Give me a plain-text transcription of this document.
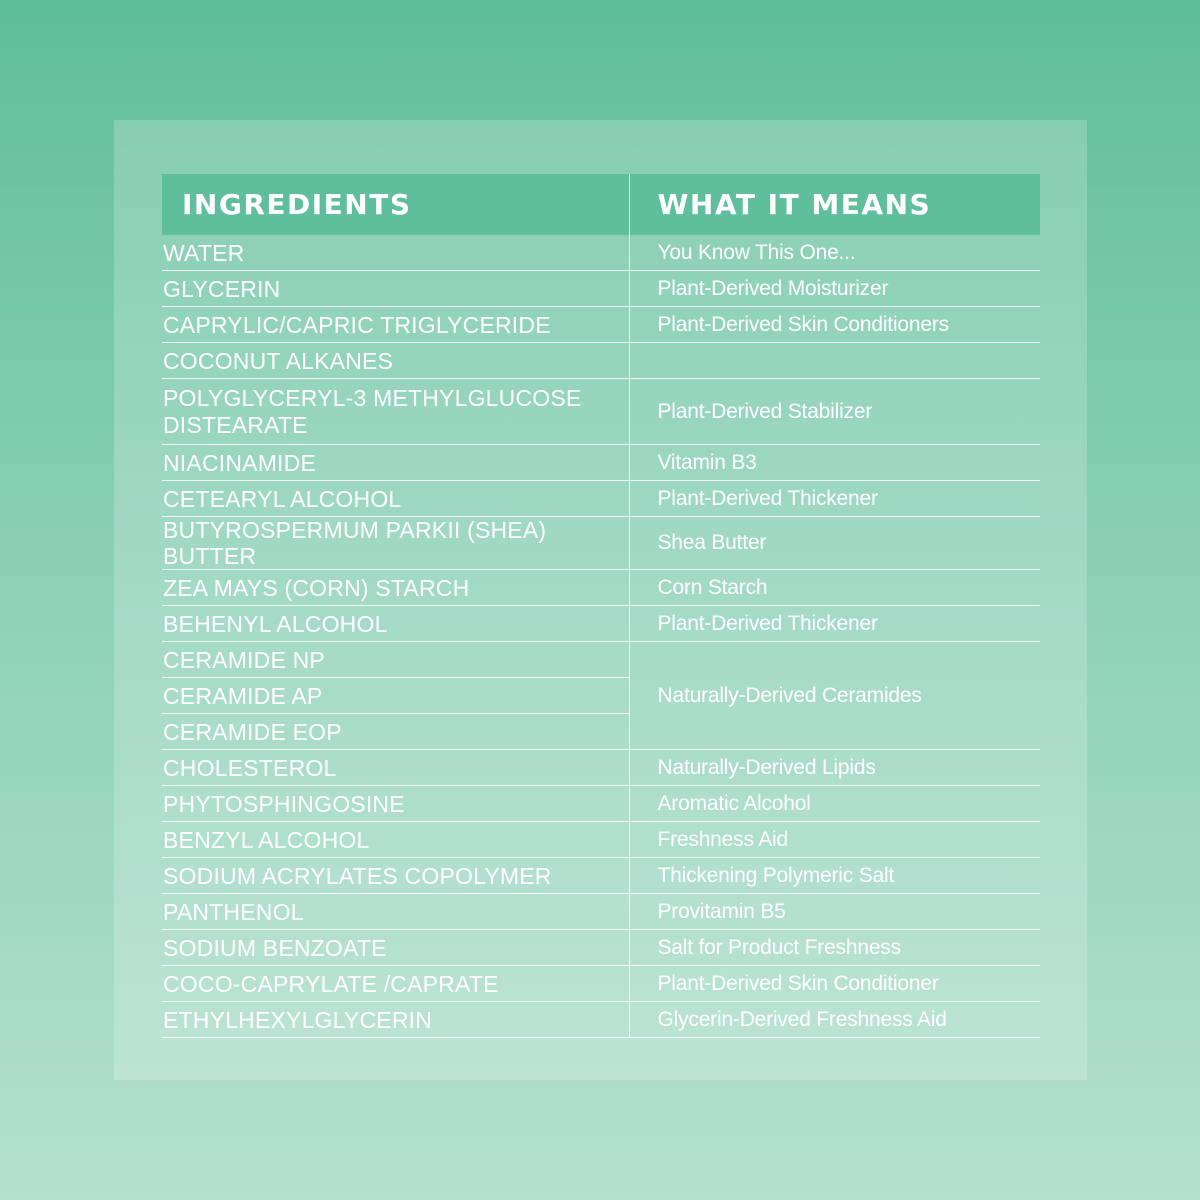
INGREDIENTS	WHAT IT MEANS
WATER	You Know This One...
GLYCERIN	Plant-Derived Moisturizer
CAPRYLIC/CAPRIC TRIGLYCERIDE	Plant-Derived Skin Conditioners
COCONUT ALKANES	
POLYGLYCERYL-3 METHYLGLUCOSE DISTEARATE	Plant-Derived Stabilizer
NIACINAMIDE	Vitamin B3
CETEARYL ALCOHOL	Plant-Derived Thickener
BUTYROSPERMUM PARKII (SHEA) BUTTER	Shea Butter
ZEA MAYS (CORN) STARCH	Corn Starch
BEHENYL ALCOHOL	Plant-Derived Thickener
CERAMIDE NP	Naturally-Derived Ceramides
CERAMIDE AP	
CERAMIDE EOP	
CHOLESTEROL	Naturally-Derived Lipids
PHYTOSPHINGOSINE	Aromatic Alcohol
BENZYL ALCOHOL	Freshness Aid
SODIUM ACRYLATES COPOLYMER	Thickening Polymeric Salt
PANTHENOL	Provitamin B5
SODIUM BENZOATE	Salt for Product Freshness
COCO-CAPRYLATE /CAPRATE	Plant-Derived Skin Conditioner
ETHYLHEXYLGLYCERIN	Glycerin-Derived Freshness Aid
